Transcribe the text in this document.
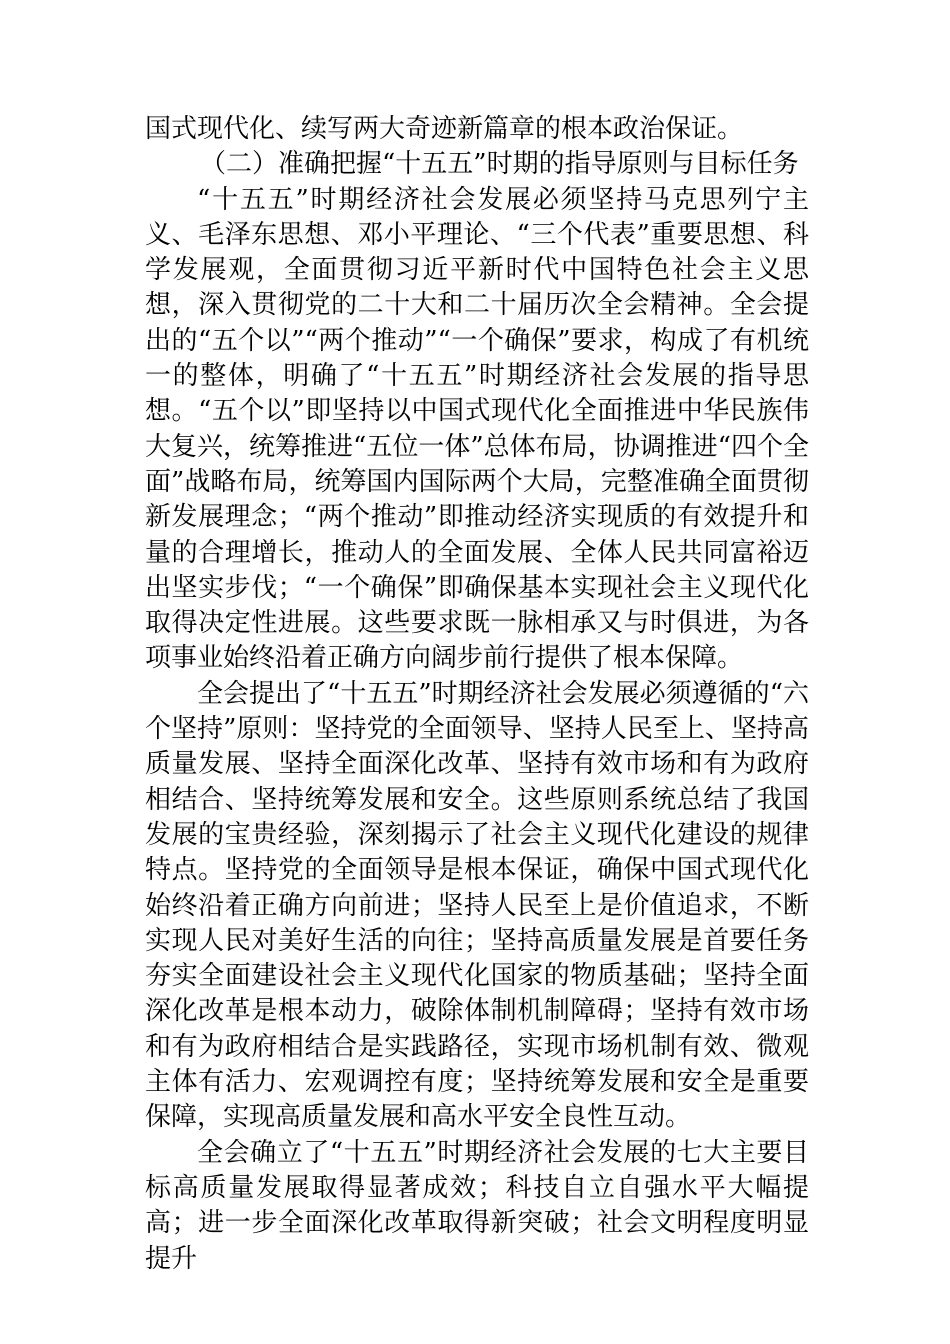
国式现代化、续写两大奇迹新篇章的根本政治保证。

（二）准确把握“十五五”时期的指导原则与目标任务

“十五五”时期经济社会发展必须坚持马克思列宁主义、毛泽东思想、邓小平理论、“三个代表”重要思想、科学发展观，全面贯彻习近平新时代中国特色社会主义思想，深入贯彻党的二十大和二十届历次全会精神。全会提出的“五个以”“两个推动”“一个确保”要求，构成了有机统一的整体，明确了“十五五”时期经济社会发展的指导思想。“五个以”即坚持以中国式现代化全面推进中华民族伟大复兴，统筹推进“五位一体”总体布局，协调推进“四个全面”战略布局，统筹国内国际两个大局，完整准确全面贯彻新发展理念；“两个推动”即推动经济实现质的有效提升和量的合理增长，推动人的全面发展、全体人民共同富裕迈出坚实步伐；“一个确保”即确保基本实现社会主义现代化取得决定性进展。这些要求既一脉相承又与时俱进，为各项事业始终沿着正确方向阔步前行提供了根本保障。

全会提出了“十五五”时期经济社会发展必须遵循的“六个坚持”原则：坚持党的全面领导、坚持人民至上、坚持高质量发展、坚持全面深化改革、坚持有效市场和有为政府相结合、坚持统筹发展和安全。这些原则系统总结了我国发展的宝贵经验，深刻揭示了社会主义现代化建设的规律特点。坚持党的全面领导是根本保证，确保中国式现代化始终沿着正确方向前进；坚持人民至上是价值追求，不断实现人民对美好生活的向往；坚持高质量发展是首要任务夯实全面建设社会主义现代化国家的物质基础；坚持全面深化改革是根本动力，破除体制机制障碍；坚持有效市场和有为政府相结合是实践路径，实现市场机制有效、微观主体有活力、宏观调控有度；坚持统筹发展和安全是重要保障，实现高质量发展和高水平安全良性互动。

全会确立了“十五五”时期经济社会发展的七大主要目标高质量发展取得显著成效；科技自立自强水平大幅提高；进一步全面深化改革取得新突破；社会文明程度明显提升
